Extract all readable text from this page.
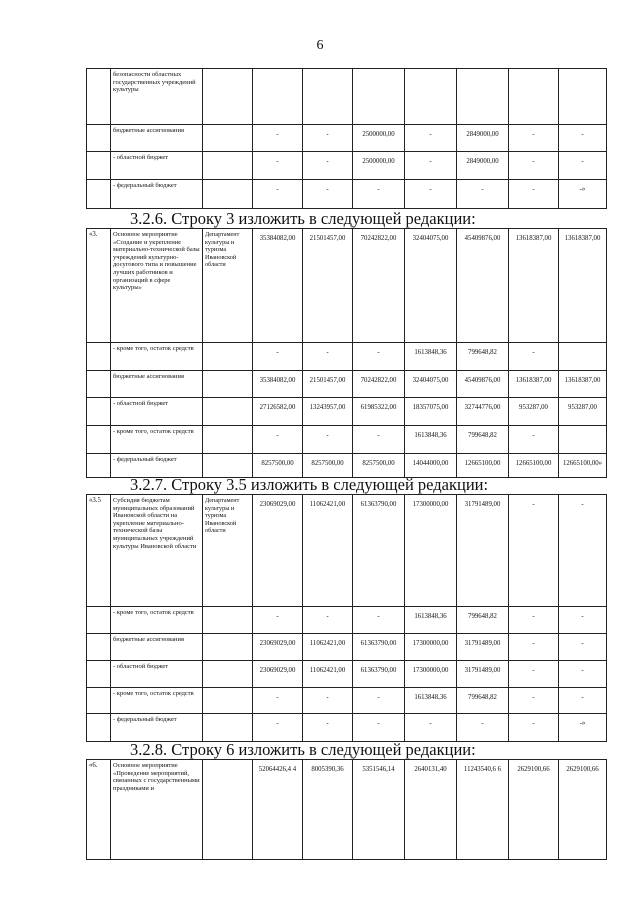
6
	безопасности областных государственных учреждений культуры								
	бюджетные ассигнования		-	-	2500000,00	-	2849000,00	-	-
	- областной бюджет		-	-	2500000,00	-	2849000,00	-	-
	- федеральный бюджет		-	-	-	-	-	-	-»
3.2.6. Строку 3 изложить в следующей редакции:
«3.	Основное мероприятие «Создание и укрепление материально-технической базы учреждений культурно-досугового типа и повышение лучших работников и организаций в сфере культуры»	Департамент культуры и туризма Ивановской области	35384082,00	21501457,00	70242822,00	32404075,00	45409876,00	13618387,00	13618387,00
	- кроме того, остаток средств		-	-	-	1613848,36	799648,82	-	
	бюджетные ассигнования		35384082,00	21501457,00	70242822,00	32404075,00	45409876,00	13618387,00	13618387,00
	- областной бюджет		27126582,00	13243957,00	61985322,00	18357075,00	32744776,00	953287,00	953287,00
	- кроме того, остаток средств		-	-	-	1613848,36	799648,82	-	
	- федеральный бюджет		8257500,00	8257500,00	8257500,00	14044000,00	12665100,00	12665100,00	12665100,00»
3.2.7. Строку 3.5 изложить в следующей редакции:
«3.5	Субсидия бюджетам муниципальных образований Ивановской области на укрепление материально-технической базы муниципальных учреждений культуры Ивановской области	Департамент культуры и туризма Ивановской области	23069029,00	11062421,00	61363790,00	17300000,00	31791489,00	-	-
	- кроме того, остаток средств		-	-	-	1613848,36	799648,82	-	-
	бюджетные ассигнования		23069029,00	11062421,00	61363790,00	17300000,00	31791489,00	-	-
	- областной бюджет		23069029,00	11062421,00	61363790,00	17300000,00	31791489,00	-	-
	- кроме того, остаток средств		-	-	-	1613848,36	799648,82	-	-
	- федеральный бюджет		-	-	-	-	-	-	-»
3.2.8. Строку 6 изложить в следующей редакции:
«6.	Основное мероприятие «Проведение мероприятий, связанных с государственными праздниками и		52064426,4 4	8005390,36	5351546,14	2640131,40	11243540,6 6	2629100,66	2629100,66
